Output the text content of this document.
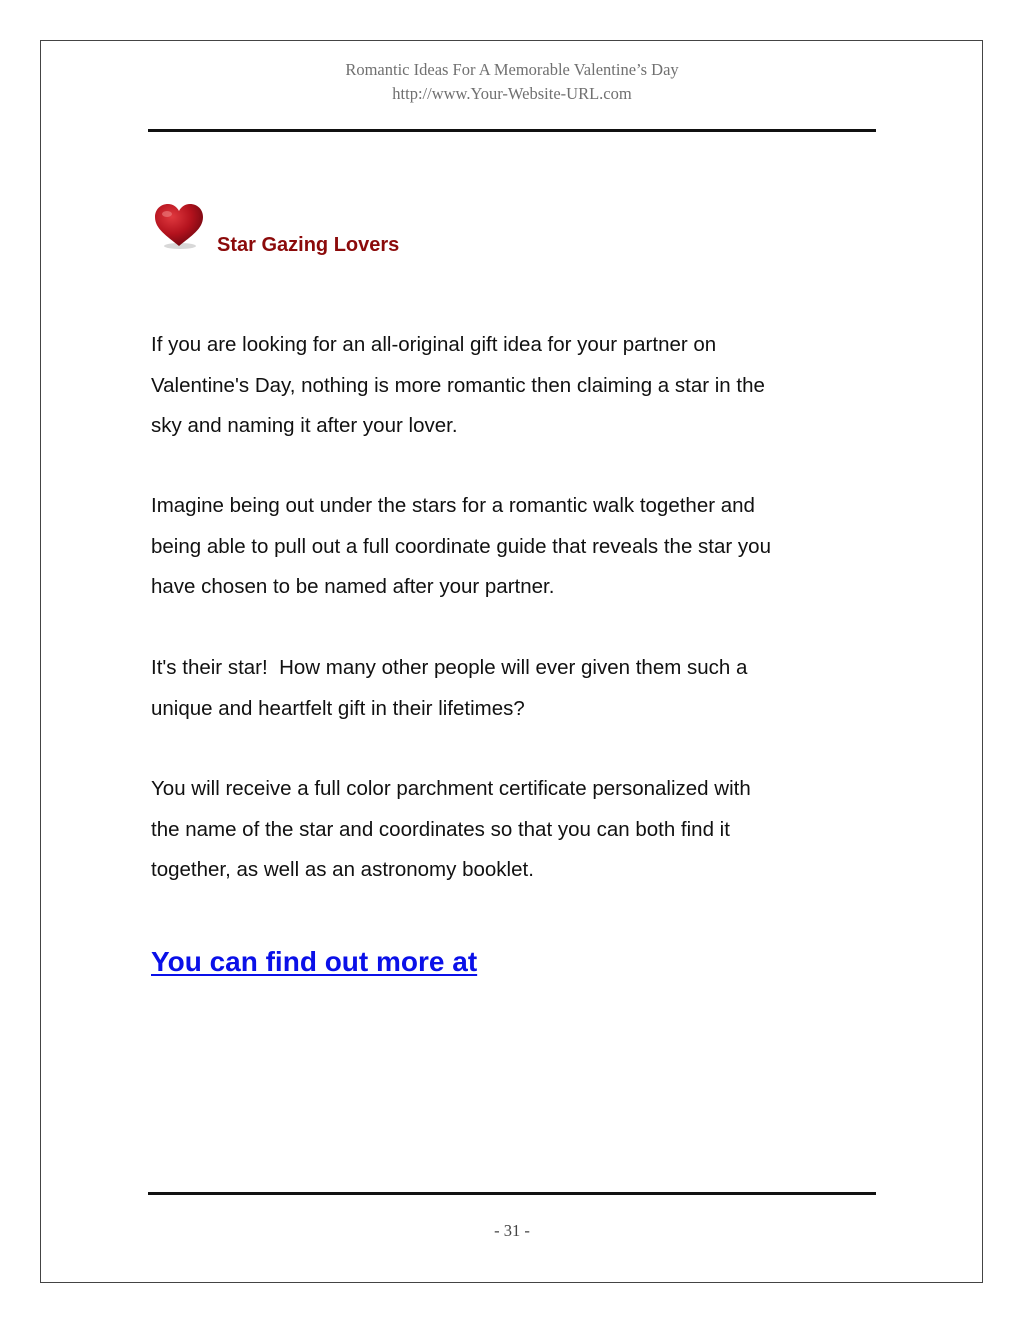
Romantic Ideas For A Memorable Valentine’s Day
http://www.Your-Website-URL.com
Star Gazing Lovers

If you are looking for an all-original gift idea for your partner on

Valentine's Day, nothing is more romantic then claiming a star in the

sky and naming it after your lover.

Imagine being out under the stars for a romantic walk together and

being able to pull out a full coordinate guide that reveals the star you

have chosen to be named after your partner.

It's their star!  How many other people will ever given them such a

unique and heartfelt gift in their lifetimes?

You will receive a full color parchment certificate personalized with

the name of the star and coordinates so that you can both find it

together, as well as an astronomy booklet.

You can find out more at
- 31 -
